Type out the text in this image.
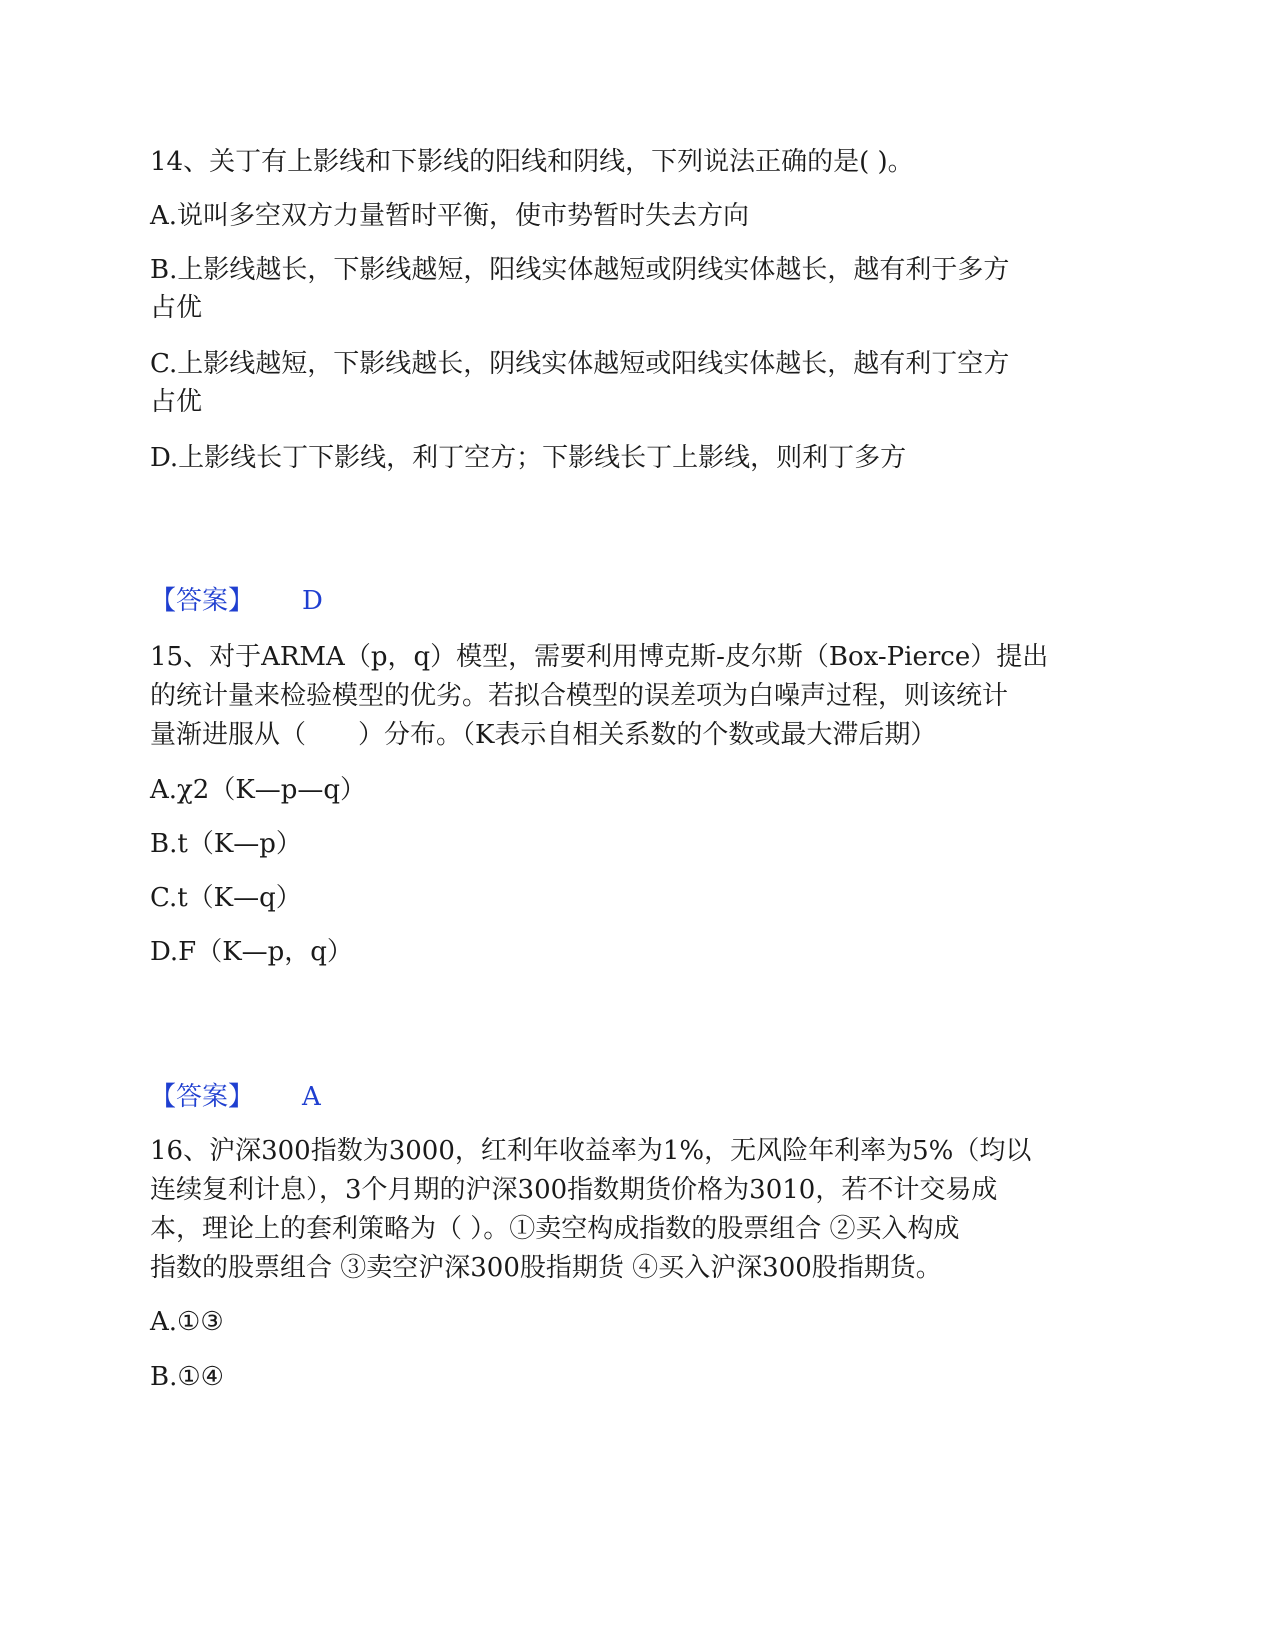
14、关丁有上影线和下影线的阳线和阴线，下列说法正确的是( )。
A.说叫多空双方力量暂时平衡，使市势暂时失去方向
B.上影线越长，下影线越短，阳线实体越短或阴线实体越长，越有利于多方
占优
C.上影线越短，下影线越长，阴线实体越短或阳线实体越长，越有利丁空方
占优
D.上影线长丁下影线，利丁空方；下影线长丁上影线，则利丁多方
【答案】 D
15、对于ARMA（p，q）模型，需要利用博克斯-皮尔斯（Box-Pierce）提出
的统计量来检验模型的优劣。若拟合模型的误差项为白噪声过程，则该统计
量渐进服从（　　）分布。（K表示自相关系数的个数或最大滞后期）
A.χ2（K—p—q）
B.t（K—p）
C.t（K—q）
D.F（K—p，q）
【答案】 A
16、沪深300指数为3000，红利年收益率为1%，无风险年利率为5%（均以
连续复利计息），3个月期的沪深300指数期货价格为3010，若不计交易成
本，理论上的套利策略为（ ）。①卖空构成指数的股票组合 ②买入构成
指数的股票组合 ③卖空沪深300股指期货 ④买入沪深300股指期货。
A.①③
B.①④
